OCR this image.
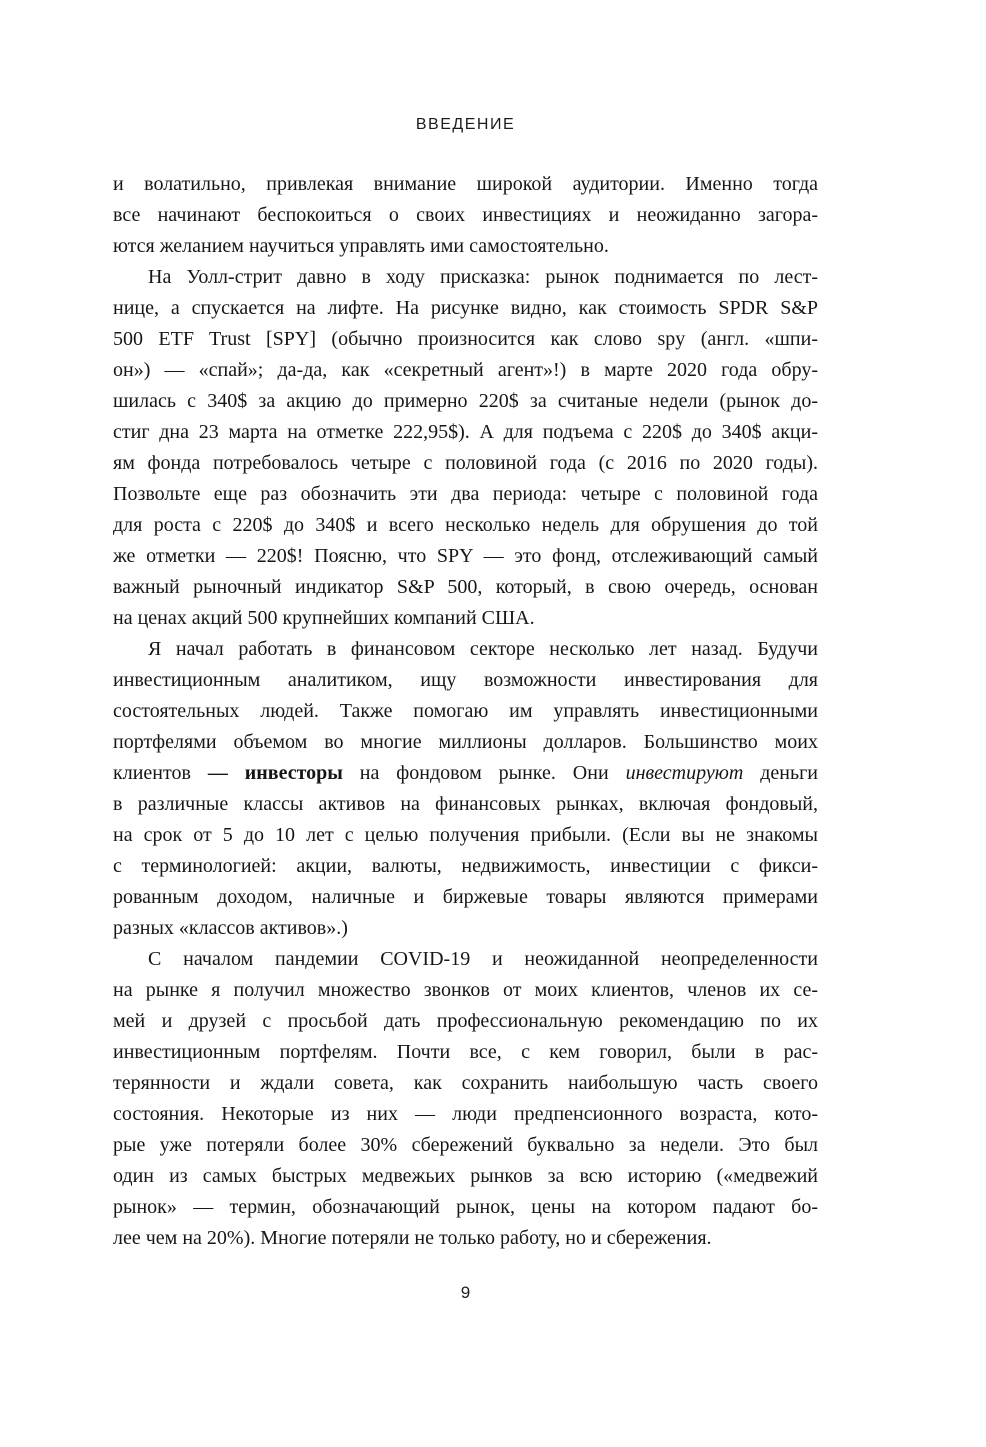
ВВЕДЕНИЕ
и волатильно, привлекая внимание широкой аудитории. Именно тогда
все начинают беспокоиться о своих инвестициях и неожиданно загора-
ются желанием научиться управлять ими самостоятельно.
На Уолл-стрит давно в ходу присказка: рынок поднимается по лест-
нице, а спускается на лифте. На рисунке видно, как стоимость SPDR S&P
500 ETF Trust [SPY] (обычно произносится как слово spy (англ. «шпи-
он») — «спай»; да-да, как «секретный агент»!) в марте 2020 года обру-
шилась с 340$ за акцию до примерно 220$ за считаные недели (рынок до-
стиг дна 23 марта на отметке 222,95$). А для подъема с 220$ до 340$ акци-
ям фонда потребовалось четыре с половиной года (с 2016 по 2020 годы).
Позвольте еще раз обозначить эти два периода: четыре с половиной года
для роста с 220$ до 340$ и всего несколько недель для обрушения до той
же отметки — 220$! Поясню, что SPY — это фонд, отслеживающий самый
важный рыночный индикатор S&P 500, который, в свою очередь, основан
на ценах акций 500 крупнейших компаний США.
Я начал работать в финансовом секторе несколько лет назад. Будучи
инвестиционным аналитиком, ищу возможности инвестирования для
состоятельных людей. Также помогаю им управлять инвестиционными
портфелями объемом во многие миллионы долларов. Большинство моих
клиентов — инвесторы на фондовом рынке. Они инвестируют деньги
в различные классы активов на финансовых рынках, включая фондовый,
на срок от 5 до 10 лет с целью получения прибыли. (Если вы не знакомы
с терминологией: акции, валюты, недвижимость, инвестиции с фикси-
рованным доходом, наличные и биржевые товары являются примерами
разных «классов активов».)
С началом пандемии COVID-19 и неожиданной неопределенности
на рынке я получил множество звонков от моих клиентов, членов их се-
мей и друзей с просьбой дать профессиональную рекомендацию по их
инвестиционным портфелям. Почти все, с кем говорил, были в рас-
терянности и ждали совета, как сохранить наибольшую часть своего
состояния. Некоторые из них — люди предпенсионного возраста, кото-
рые уже потеряли более 30% сбережений буквально за недели. Это был
один из самых быстрых медвежьих рынков за всю историю («медвежий
рынок» — термин, обозначающий рынок, цены на котором падают бо-
лее чем на 20%). Многие потеряли не только работу, но и сбережения.
9
